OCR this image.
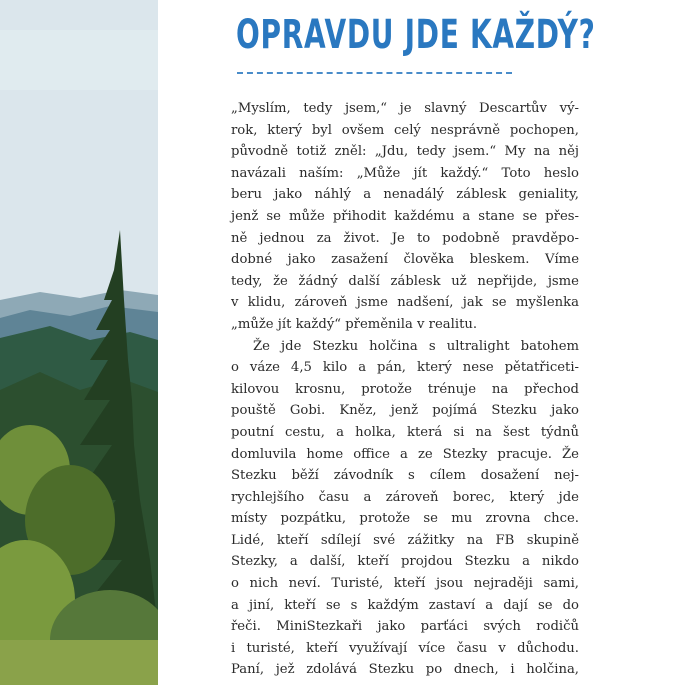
OPRAVDU JDE KAŽDÝ?
„Myslím, tedy jsem,“ je slavný Descartův vý-
rok, který byl ovšem celý nesprávně pochopen,
původně totiž zněl: „Jdu, tedy jsem.“ My na něj
navázali naším: „Může jít každý.“ Toto heslo
beru jako náhlý a nenadálý záblesk geniality,
jenž se může přihodit každému a stane se přes-
ně jednou za život. Je to podobně pravděpo-
dobné jako zasažení člověka bleskem. Víme
tedy, že žádný další záblesk už nepřijde, jsme
v klidu, zároveň jsme nadšení, jak se myšlenka
„může jít každý“ přeměnila v realitu.
Že jde Stezku holčina s ultralight batohem
o váze 4,5 kilo a pán, který nese pětatřiceti-
kilovou krosnu, protože trénuje na přechod
pouště Gobi. Kněz, jenž pojímá Stezku jako
poutní cestu, a holka, která si na šest týdnů
domluvila home office a ze Stezky pracuje. Že
Stezku běží závodník s cílem dosažení nej-
rychlejšího času a zároveň borec, který jde
místy pozpátku, protože se mu zrovna chce.
Lidé, kteří sdílejí své zážitky na FB skupině
Stezky, a další, kteří projdou Stezku a nikdo
o nich neví. Turisté, kteří jsou nejraději sami,
a jiní, kteří se s každým zastaví a dají se do
řeči. MiniStezkaři jako parťáci svých rodičů
i turisté, kteří využívají více času v důchodu.
Paní, jež zdolává Stezku po dnech, i holčina,
